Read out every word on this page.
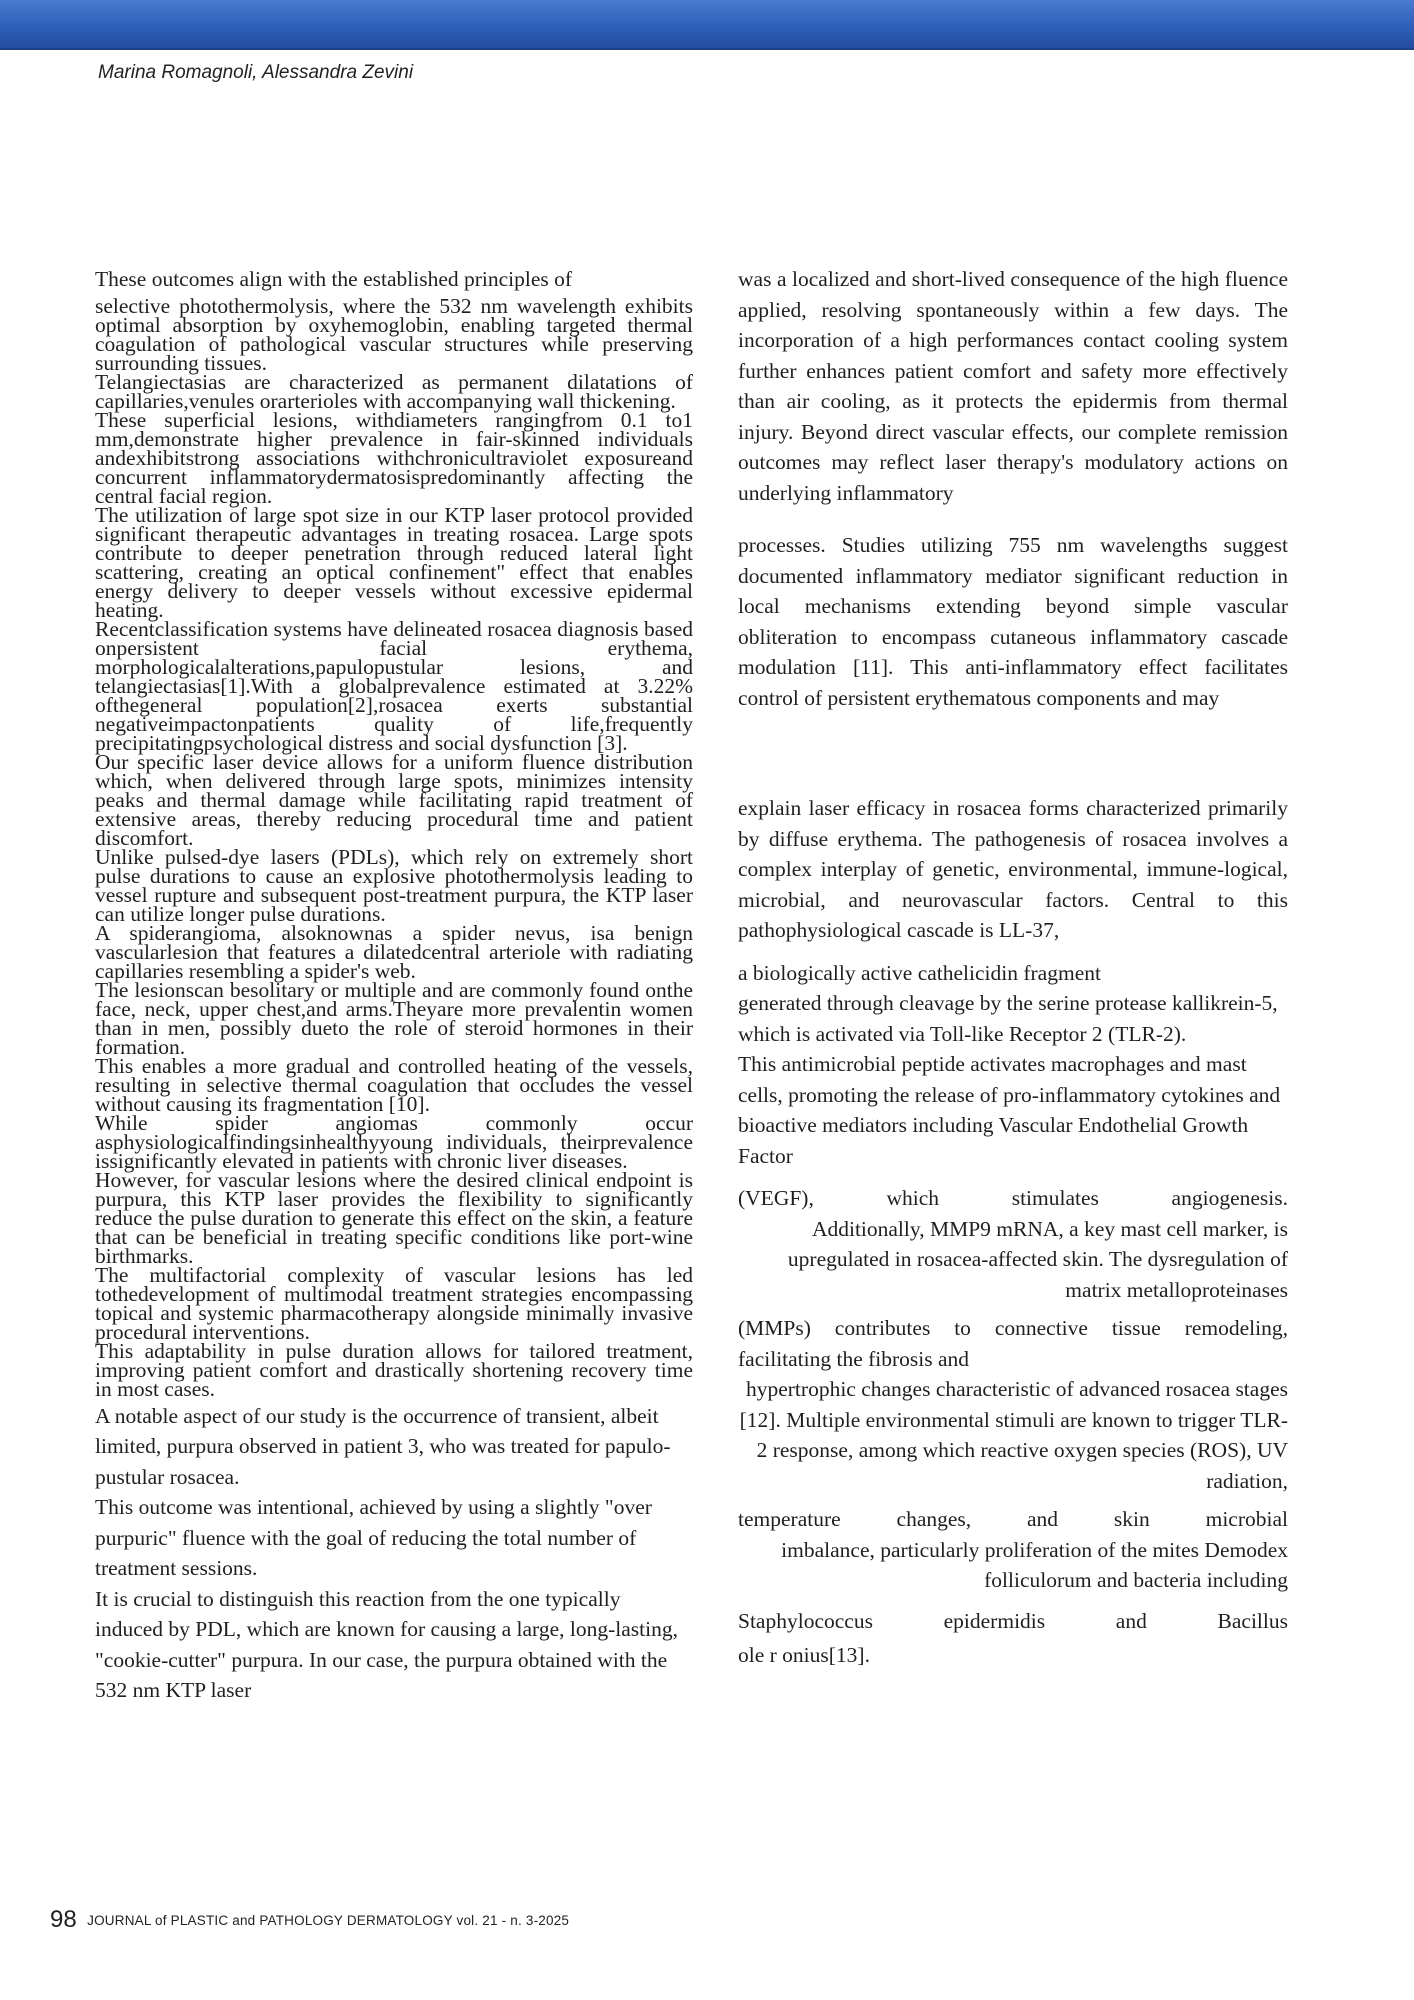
Marina Romagnoli, Alessandra Zevini

These outcomes align with the established principles of

selective photothermolysis, where the 532 nm wavelength exhibits optimal absorption by oxyhemoglobin, enabling targeted thermal coagulation of pathological vascular structures while preserving surrounding tissues.

Telangiectasias are characterized as permanent dilatations of capillaries,venules orarterioles with accompanying wall thickening.

These superficial lesions, withdiameters rangingfrom 0.1 to1 mm,demonstrate higher prevalence in fair-skinned individuals andexhibitstrong associations withchronicultraviolet exposureand concurrent inflammatorydermatosispredominantly affecting the central facial region.

The utilization of large spot size in our KTP laser protocol provided significant therapeutic advantages in treating rosacea. Large spots contribute to deeper penetration through reduced lateral light scattering, creating an optical confinement" effect that enables energy delivery to deeper vessels without excessive epidermal heating.

Recentclassification systems have delineated rosacea diagnosis based onpersistent facial erythema, morphologicalalterations,papulopustular lesions, and telangiectasias[1].With a globalprevalence estimated at 3.22% ofthegeneral population[2],rosacea exerts substantial negativeimpactonpatients quality of life,frequently precipitatingpsychological distress and social dysfunction [3].

Our specific laser device allows for a uniform fluence distribution which, when delivered through large spots, minimizes intensity peaks and thermal damage while facilitating rapid treatment of extensive areas, thereby reducing procedural time and patient discomfort.

Unlike pulsed-dye lasers (PDLs), which rely on extremely short pulse durations to cause an explosive photothermolysis leading to vessel rupture and subsequent post-treatment purpura, the KTP laser can utilize longer pulse durations.

A spiderangioma, alsoknownas a spider nevus, isa benign vascularlesion that features a dilatedcentral arteriole with radiating capillaries resembling a spider's web.

The lesionscan besolitary or multiple and are commonly found onthe face, neck, upper chest,and arms.Theyare more prevalentin women than in men, possibly dueto the role of steroid hormones in their formation.

This enables a more gradual and controlled heating of the vessels, resulting in selective thermal coagulation that occludes the vessel without causing its fragmentation [10].

While spider angiomas commonly occur asphysiologicalfindingsinhealthyyoung individuals, theirprevalence issignificantly elevated in patients with chronic liver diseases.

However, for vascular lesions where the desired clinical endpoint is purpura, this KTP laser provides the flexibility to significantly reduce the pulse duration to generate this effect on the skin, a feature that can be beneficial in treating specific conditions like port-wine birthmarks.

The multifactorial complexity of vascular lesions has led tothedevelopment of multimodal treatment strategies encompassing topical and systemic pharmacotherapy alongside minimally invasive procedural interventions.

This adaptability in pulse duration allows for tailored treatment, improving patient comfort and drastically shortening recovery time in most cases.

A notable aspect of our study is the occurrence of transient, albeit limited, purpura observed in patient 3, who was treated for papulo-pustular rosacea.

This outcome was intentional, achieved by using a slightly "over purpuric" fluence with the goal of reducing the total number of treatment sessions.

It is crucial to distinguish this reaction from the one typically induced by PDL, which are known for causing a large, long-lasting, "cookie-cutter" purpura. In our case, the purpura obtained with the 532 nm KTP laser

was a localized and short-lived consequence of the high fluence applied, resolving spontaneously within a few days. The incorporation of a high performances contact cooling system further enhances patient comfort and safety more effectively than air cooling, as it protects the epidermis from thermal injury. Beyond direct vascular effects, our complete remission outcomes may reflect laser therapy's modulatory actions on underlying inflammatory

processes. Studies utilizing 755 nm wavelengths suggest documented inflammatory mediator significant reduction in local mechanisms extending beyond simple vascular obliteration to encompass cutaneous inflammatory cascade modulation [11]. This anti-inflammatory effect facilitates control of persistent erythematous components and may

explain laser efficacy in rosacea forms characterized primarily by diffuse erythema. The pathogenesis of rosacea involves a complex interplay of genetic, environmental, immune-logical, microbial, and neurovascular factors. Central to this pathophysiological cascade is LL-37,

a biologically active cathelicidin fragment

generated through cleavage by the serine protease kallikrein-5, which is activated via Toll-like Receptor 2 (TLR-2).

This antimicrobial peptide activates macrophages and mast cells, promoting the release of pro-inflammatory cytokines and bioactive mediators including Vascular Endothelial Growth Factor

(VEGF), which stimulates angiogenesis.

Additionally, MMP9 mRNA, a key mast cell marker, is upregulated in rosacea-affected skin. The dysregulation of matrix metalloproteinases

(MMPs) contributes to connective tissue remodeling, facilitating the fibrosis and

hypertrophic changes characteristic of advanced rosacea stages [12]. Multiple environmental stimuli are known to trigger TLR-2 response, among which reactive oxygen species (ROS), UV radiation,

temperature changes, and skin microbial

imbalance, particularly proliferation of the mites Demodex folliculorum and bacteria including

Staphylococcus epidermidis and Bacillus

ole r onius[13].

98 JOURNAL of PLASTIC and PATHOLOGY DERMATOLOGY vol. 21 - n. 3-2025
